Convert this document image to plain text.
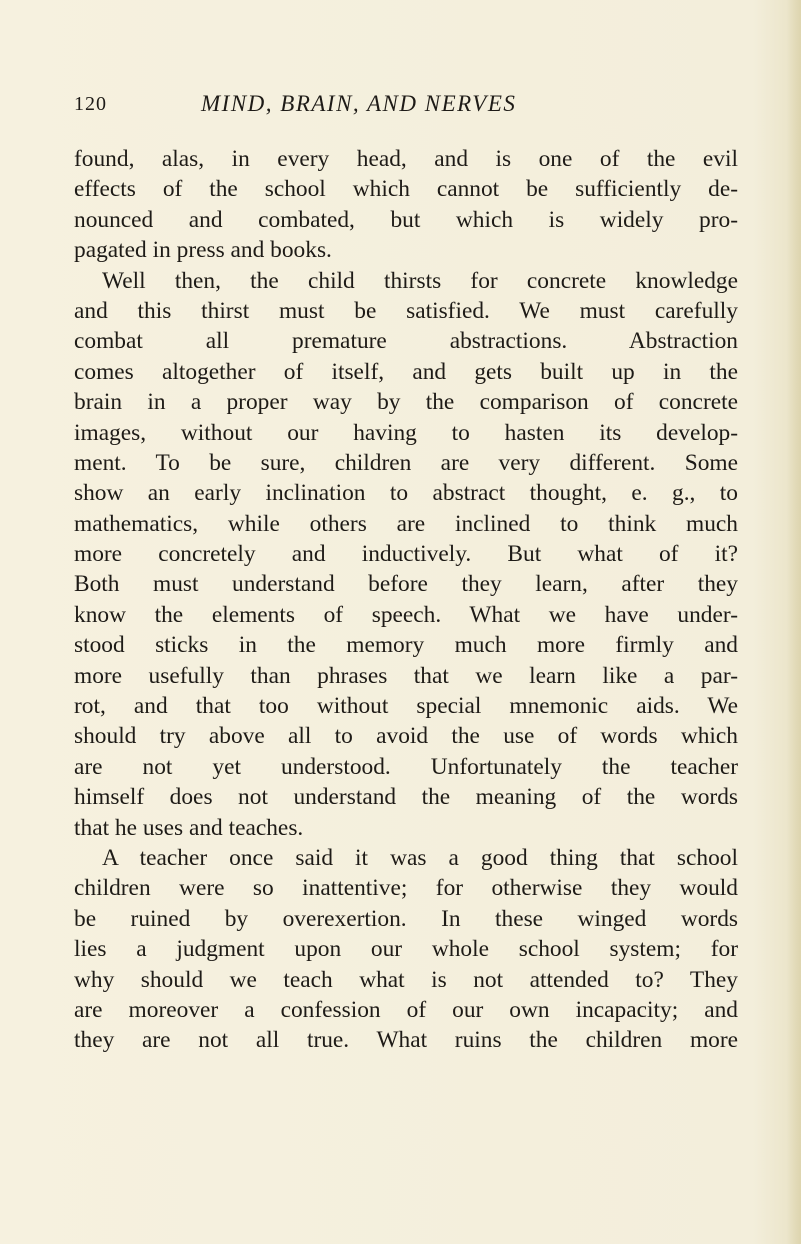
120	MIND, BRAIN, AND NERVES
found, alas, in every head, and is one of the evil
effects of the school which cannot be sufficiently de-
nounced and combated, but which is widely pro-
pagated in press and books.
Well then, the child thirsts for concrete knowledge
and this thirst must be satisfied. We must carefully
combat all premature abstractions. Abstraction
comes altogether of itself, and gets built up in the
brain in a proper way by the comparison of concrete
images, without our having to hasten its develop-
ment. To be sure, children are very different. Some
show an early inclination to abstract thought, e. g., to
mathematics, while others are inclined to think much
more concretely and inductively. But what of it?
Both must understand before they learn, after they
know the elements of speech. What we have under-
stood sticks in the memory much more firmly and
more usefully than phrases that we learn like a par-
rot, and that too without special mnemonic aids. We
should try above all to avoid the use of words which
are not yet understood. Unfortunately the teacher
himself does not understand the meaning of the words
that he uses and teaches.
A teacher once said it was a good thing that school
children were so inattentive; for otherwise they would
be ruined by overexertion. In these winged words
lies a judgment upon our whole school system; for
why should we teach what is not attended to? They
are moreover a confession of our own incapacity; and
they are not all true. What ruins the children more
